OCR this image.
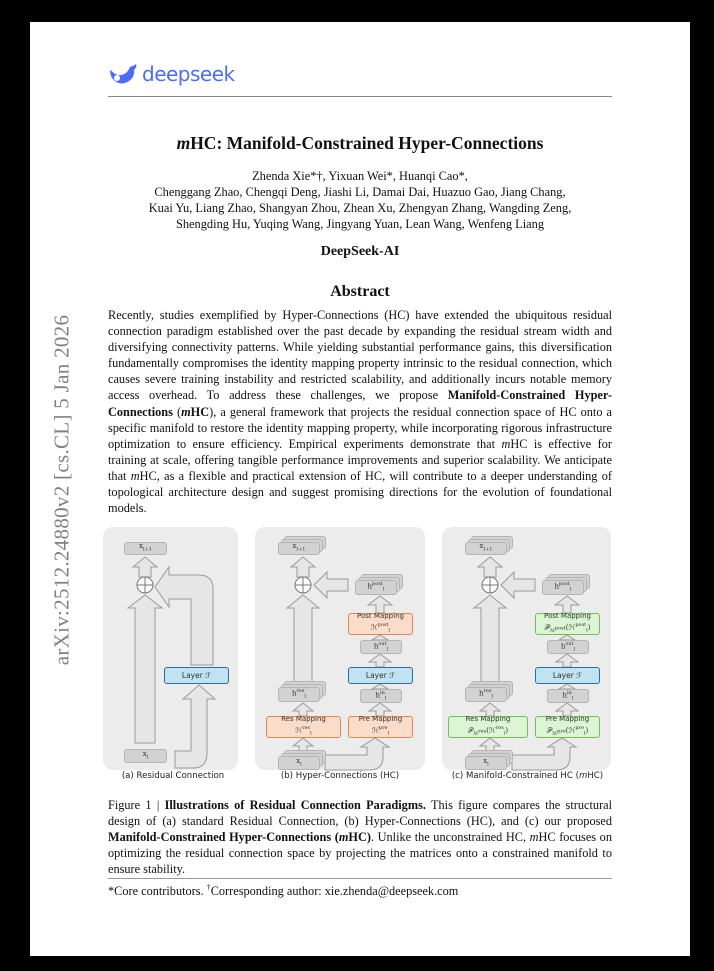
deepseek
arXiv:2512.24880v2 [cs.CL] 5 Jan 2026
mHC: Manifold-Constrained Hyper-Connections
Zhenda Xie*†, Yixuan Wei*, Huanqi Cao*,
Chenggang Zhao, Chengqi Deng, Jiashi Li, Damai Dai, Huazuo Gao, Jiang Chang,
Kuai Yu, Liang Zhao, Shangyan Zhou, Zhean Xu, Zhengyan Zhang, Wangding Zeng,
Shengding Hu, Yuqing Wang, Jingyang Yuan, Lean Wang, Wenfeng Liang
DeepSeek-AI
Abstract
Recently, studies exemplified by Hyper-Connections (HC) have extended the ubiquitous residual connection paradigm established over the past decade by expanding the residual stream width and diversifying connectivity patterns. While yielding substantial performance gains, this diversification fundamentally compromises the identity mapping property intrinsic to the residual connection, which causes severe training instability and restricted scalability, and additionally incurs notable memory access overhead. To address these challenges, we propose Manifold-Constrained Hyper-Connections (mHC), a general framework that projects the residual connection space of HC onto a specific manifold to restore the identity mapping property, while incorporating rigorous infrastructure optimization to ensure efficiency. Empirical experiments demonstrate that mHC is effective for training at scale, offering tangible performance improvements and superior scalability. We anticipate that mHC, as a flexible and practical extension of HC, will contribute to a deeper understanding of topological architecture design and suggest promising directions for the evolution of foundational models.
$x_{l+1}$
Layer ℱ
$x_l$
$x_{l+1}$
$h^{post}_l$
Post Mapping
ℋ$^{post}_l$
$h^{out}_l$
Layer ℱ
$h^{in}_l$
Pre Mapping
ℋ$^{pre}_l$
$h^{res}_l$
Res Mapping
ℋ$^{res}_l$
$x_l$
$x_{l+1}$
$h^{post}_l$
Post Mapping
𝒫$_{ℳ^{post}}$(ℋ$^{post}_l$)
$h^{out}_l$
Layer ℱ
$h^{in}_l$
Pre Mapping
𝒫$_{ℳ^{pre}}$(ℋ$^{pre}_l$)
$h^{res}_l$
Res Mapping
𝒫$_{ℳ^{res}}$(ℋ$^{res}_l$)
$x_l$
(a) Residual Connection	(b) Hyper-Connections (HC)	(c) Manifold-Constrained HC (mHC)
Figure 1 | Illustrations of Residual Connection Paradigms. This figure compares the structural design of (a) standard Residual Connection, (b) Hyper-Connections (HC), and (c) our proposed Manifold-Constrained Hyper-Connections (mHC). Unlike the unconstrained HC, mHC focuses on optimizing the residual connection space by projecting the matrices onto a constrained manifold to ensure stability.
*Core contributors. †Corresponding author: xie.zhenda@deepseek.com
